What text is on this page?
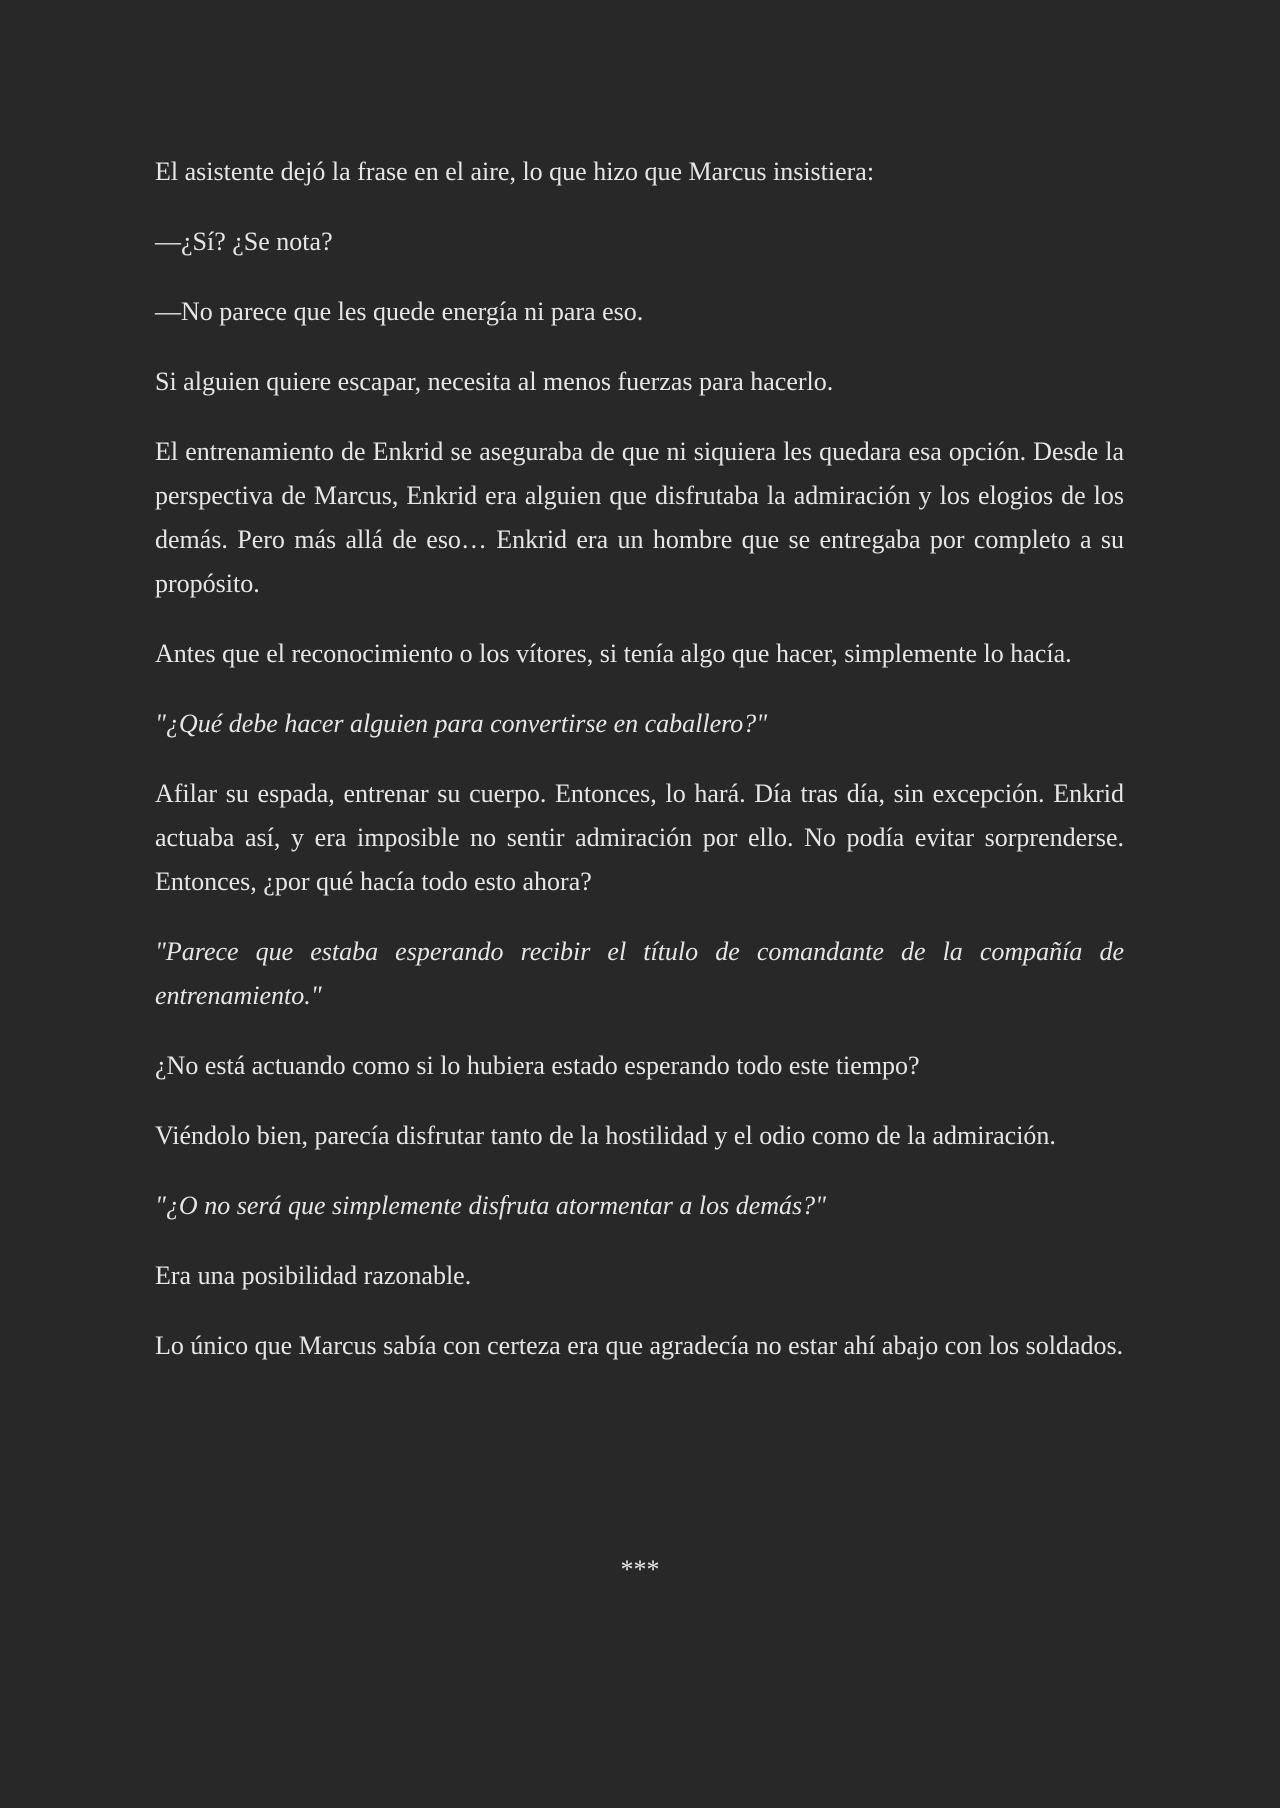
El asistente dejó la frase en el aire, lo que hizo que Marcus insistiera:

—¿Sí? ¿Se nota?

—No parece que les quede energía ni para eso.

Si alguien quiere escapar, necesita al menos fuerzas para hacerlo.

El entrenamiento de Enkrid se aseguraba de que ni siquiera les quedara esa opción. Desde la perspectiva de Marcus, Enkrid era alguien que disfrutaba la admiración y los elogios de los demás. Pero más allá de eso… Enkrid era un hombre que se entregaba por completo a su propósito.

Antes que el reconocimiento o los vítores, si tenía algo que hacer, simplemente lo hacía.

"¿Qué debe hacer alguien para convertirse en caballero?"

Afilar su espada, entrenar su cuerpo. Entonces, lo hará. Día tras día, sin excepción. Enkrid actuaba así, y era imposible no sentir admiración por ello. No podía evitar sorprenderse. Entonces, ¿por qué hacía todo esto ahora?

"Parece que estaba esperando recibir el título de comandante de la compañía de entrenamiento."

¿No está actuando como si lo hubiera estado esperando todo este tiempo?

Viéndolo bien, parecía disfrutar tanto de la hostilidad y el odio como de la admiración.

"¿O no será que simplemente disfruta atormentar a los demás?"

Era una posibilidad razonable.

Lo único que Marcus sabía con certeza era que agradecía no estar ahí abajo con los soldados.

***
